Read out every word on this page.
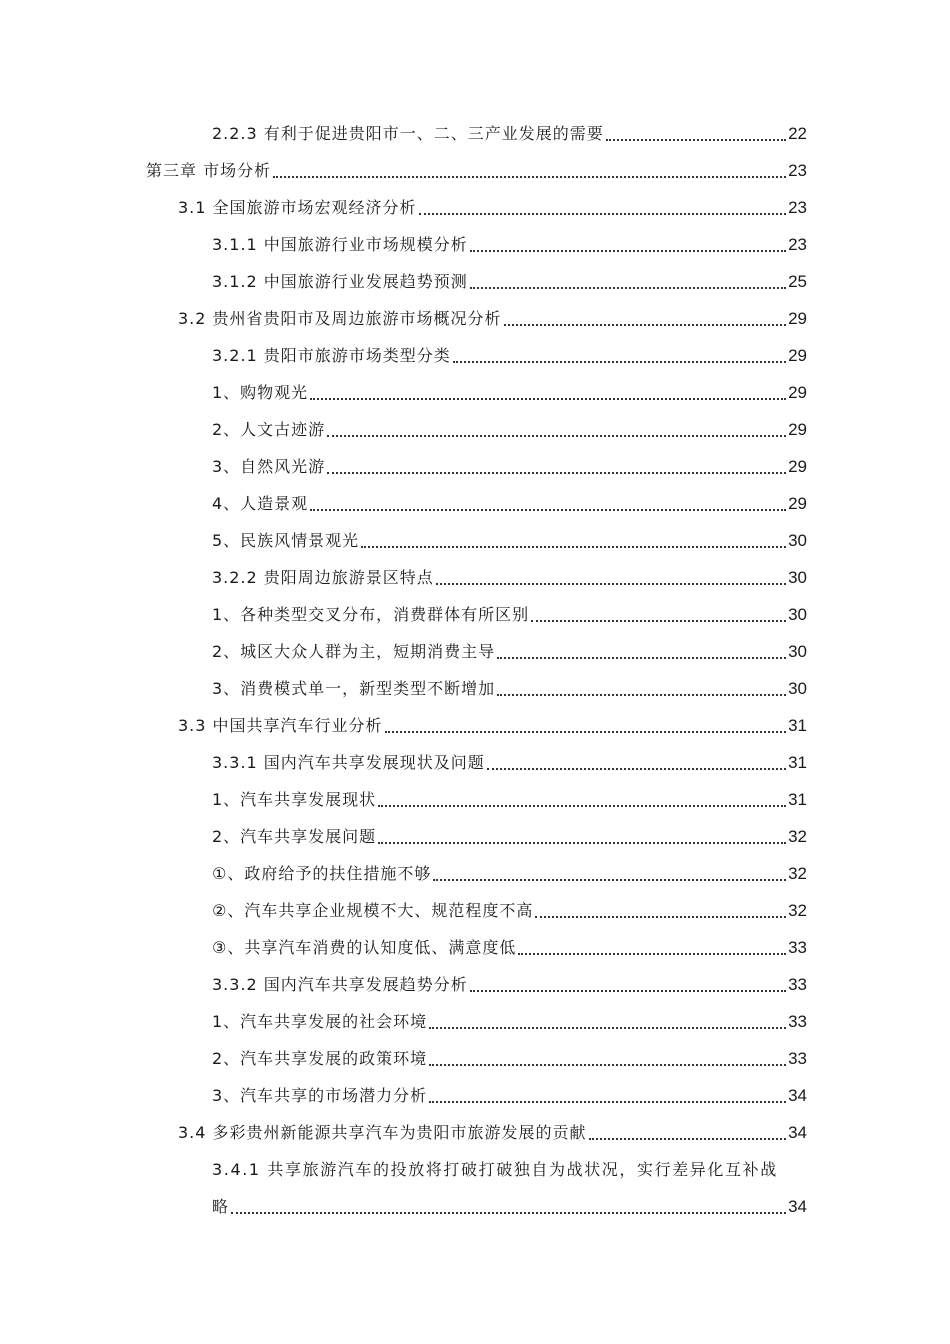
2.2.3 有利于促进贵阳市一、二、三产业发展的需要	22
第三章 市场分析	23
3.1 全国旅游市场宏观经济分析	23
3.1.1 中国旅游行业市场规模分析	23
3.1.2 中国旅游行业发展趋势预测	25
3.2 贵州省贵阳市及周边旅游市场概况分析	29
3.2.1 贵阳市旅游市场类型分类	29
1、购物观光	29
2、人文古迹游	29
3、自然风光游	29
4、人造景观	29
5、民族风情景观光	30
3.2.2 贵阳周边旅游景区特点	30
1、各种类型交叉分布，消费群体有所区别	30
2、城区大众人群为主，短期消费主导	30
3、消费模式单一，新型类型不断增加	30
3.3 中国共享汽车行业分析	31
3.3.1 国内汽车共享发展现状及问题	31
1、汽车共享发展现状	31
2、汽车共享发展问题	32
①、政府给予的扶住措施不够	32
②、汽车共享企业规模不大、规范程度不高	32
③、共享汽车消费的认知度低、满意度低	33
3.3.2 国内汽车共享发展趋势分析	33
1、汽车共享发展的社会环境	33
2、汽车共享发展的政策环境	33
3、汽车共享的市场潜力分析	34
3.4 多彩贵州新能源共享汽车为贵阳市旅游发展的贡献	34
3.4.1 共享旅游汽车的投放将打破打破独自为战状况，实行差异化互补战
略	34
